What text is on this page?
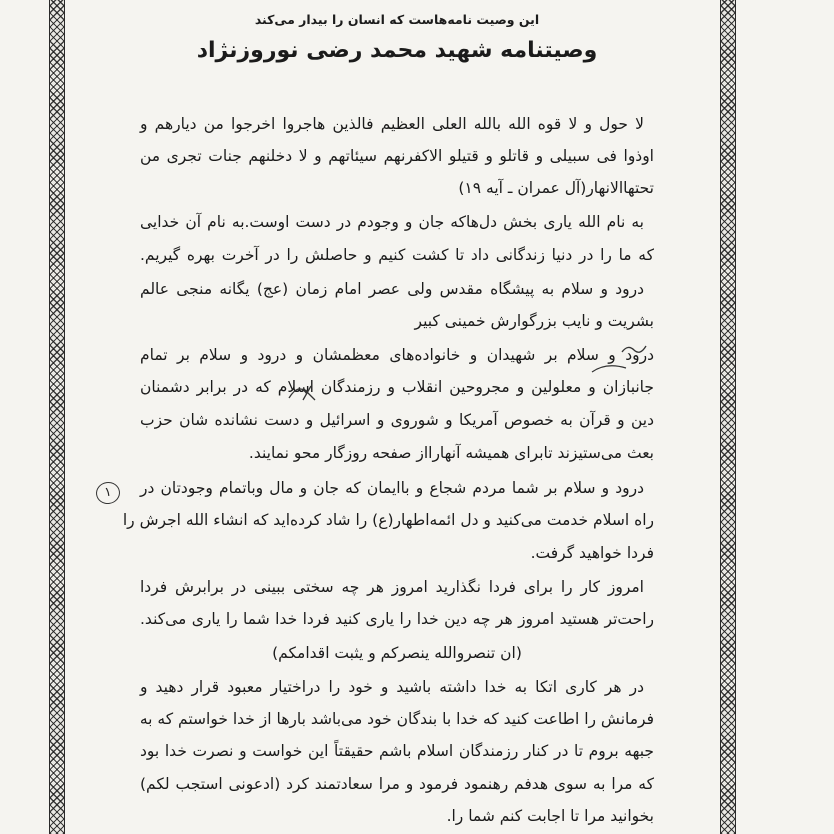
این وصیت نامه‌هاست که انسان را بیدار می‌کند
وصیتنامه شهید محمد رضی نوروزنژاد
لا حول و لا قوه الله بالله العلی العظیم فالذین هاجروا اخرجوا من دیارهم و
اوذوا فی سبیلی و قاتلو و قتیلو الاکفرنهم سیئاتهم و لا دخلنهم جنات تجری من
تحتهاالانهار(آل عمران ـ آیه ۱۹)
به نام الله یاری بخش دل‌هاکه جان و وجودم در دست اوست.به نام آن خدایی
که ما را در دنیا زندگانی داد تا کشت کنیم و حاصلش را در آخرت بهره گیریم.
درود و سلام به پیشگاه مقدس ولی عصر امام زمان (عج) یگانه منجی عالم
بشریت و نایب بزرگوارش خمینی کبیر
درود و سلام بر شهیدان و خانواده‌های معظمشان و درود و سلام بر تمام
جانبازان و معلولین و مجروحین انقلاب و رزمندگان اسلام که در برابر دشمنان
دین و قرآن به خصوص آمریکا و شوروی و اسرائیل و دست نشانده شان حزب
بعث می‌ستیزند تابرای همیشه آنهارااز صفحه روزگار محو نمایند.
درود و سلام بر شما مردم شجاع و باایمان که جان و مال وباتمام وجودتان در
راه اسلام خدمت می‌کنید و دل ائمه‌اطهار(ع) را شاد کرده‌اید که انشاء الله اجرش را
فردا خواهید گرفت.
امروز کار را برای فردا نگذارید امروز هر چه سختی ببینی در برابرش فردا
راحت‌تر هستید امروز هر چه دین خدا را یاری کنید فردا خدا شما را یاری می‌کند.
(ان تنصروالله ینصرکم و یثبت اقدامکم)
در هر کاری اتکا به خدا داشته باشید و خود را دراختیار معبود قرار دهید و
فرمانش را اطاعت کنید که خدا با بندگان خود می‌باشد بارها از خدا خواستم که به
جبهه بروم تا در کنار رزمندگان اسلام باشم حقیقتاً این خواست و نصرت خدا بود
که مرا به سوی هدفم رهنمود فرمود و مرا سعادتمند کرد (ادعونی استجب لکم)
بخوانید مرا تا اجابت کنم شما را.
۱
